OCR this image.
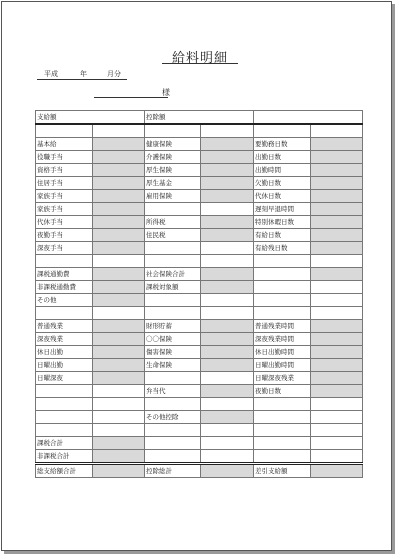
給料明細
平成	年	月分
様
支給額		控除額			

基本給		健康保険		要勤務日数	
役職手当		介護保険		出勤日数	
資格手当		厚生保険		出勤時間	
住居手当		厚生基金		欠勤日数	
家族手当		雇用保険		代休日数	
家族手当				遅刻早退時間	
代休手当		所得税		特別休暇日数	
夜勤手当		住民税		有給日数	
深夜手当				有給残日数	

課税通勤費		社会保険合計			
非課税通勤費		課税対象額			
その他					

普通残業		財形貯蓄		普通残業時間	
深夜残業		〇〇保険		深夜残業時間	
休日出勤		傷害保険		休日出勤時間	
日曜出勤		生命保険		日曜出勤時間	
日曜深夜				日曜深夜残業	
		弁当代		夜勤日数	

		その他控除			

課税合計					
非課税合計					
総支給額合計		控除総計		差引支給額	
